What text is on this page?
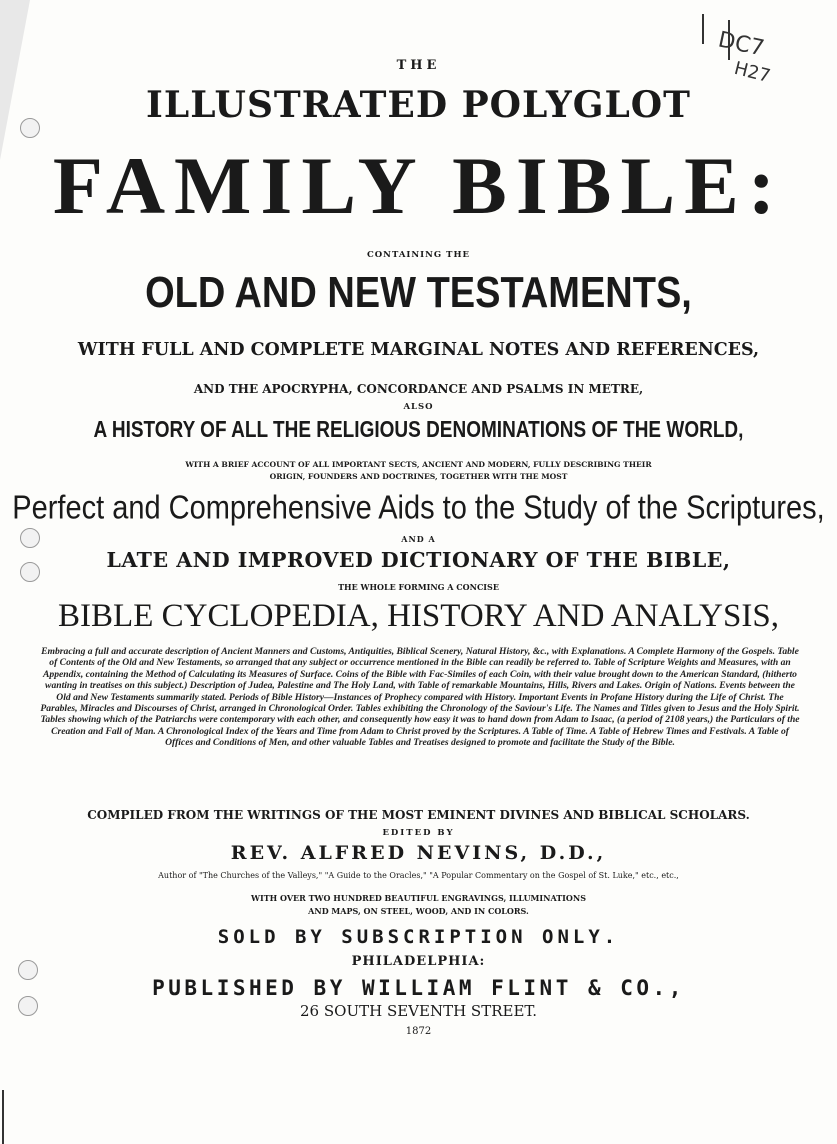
DC7
H27
THE
ILLUSTRATED POLYGLOT
FAMILY BIBLE:
CONTAINING THE
OLD AND NEW TESTAMENTS,
WITH FULL AND COMPLETE MARGINAL NOTES AND REFERENCES,
AND THE APOCRYPHA, CONCORDANCE AND PSALMS IN METRE,
ALSO
A HISTORY OF ALL THE RELIGIOUS DENOMINATIONS OF THE WORLD,
WITH A BRIEF ACCOUNT OF ALL IMPORTANT SECTS, ANCIENT AND MODERN, FULLY DESCRIBING THEIR
ORIGIN, FOUNDERS AND DOCTRINES, TOGETHER WITH THE MOST
Perfect and Comprehensive Aids to the Study of the Scriptures,
AND A
LATE AND IMPROVED DICTIONARY OF THE BIBLE,
THE WHOLE FORMING A CONCISE
BIBLE CYCLOPEDIA, HISTORY AND ANALYSIS,
Embracing a full and accurate description of Ancient Manners and Customs, Antiquities, Biblical Scenery, Natural History, &c., with Explanations. A Complete Harmony of the Gospels. Table of Contents of the Old and New Testaments, so arranged that any subject or occurrence mentioned in the Bible can readily be referred to. Table of Scripture Weights and Measures, with an Appendix, containing the Method of Calculating its Measures of Surface. Coins of the Bible with Fac-Similes of each Coin, with their value brought down to the American Standard, (hitherto wanting in treatises on this subject.) Description of Judea, Palestine and The Holy Land, with Table of remarkable Mountains, Hills, Rivers and Lakes. Origin of Nations. Events between the Old and New Testaments summarily stated. Periods of Bible History—Instances of Prophecy compared with History. Important Events in Profane History during the Life of Christ. The Parables, Miracles and Discourses of Christ, arranged in Chronological Order. Tables exhibiting the Chronology of the Saviour's Life. The Names and Titles given to Jesus and the Holy Spirit. Tables showing which of the Patriarchs were contemporary with each other, and consequently how easy it was to hand down from Adam to Isaac, (a period of 2108 years,) the Particulars of the Creation and Fall of Man. A Chronological Index of the Years and Time from Adam to Christ proved by the Scriptures. A Table of Time. A Table of Hebrew Times and Festivals. A Table of Offices and Conditions of Men, and other valuable Tables and Treatises designed to promote and facilitate the Study of the Bible.
COMPILED FROM THE WRITINGS OF THE MOST EMINENT DIVINES AND BIBLICAL SCHOLARS.
EDITED BY
REV. ALFRED NEVINS, D.D.,
Author of "The Churches of the Valleys," "A Guide to the Oracles," "A Popular Commentary on the Gospel of St. Luke," etc., etc.,
WITH OVER TWO HUNDRED BEAUTIFUL ENGRAVINGS, ILLUMINATIONS
AND MAPS, ON STEEL, WOOD, AND IN COLORS.
SOLD BY SUBSCRIPTION ONLY.
PHILADELPHIA:
PUBLISHED BY WILLIAM FLINT & CO.,
26 SOUTH SEVENTH STREET.
1872
